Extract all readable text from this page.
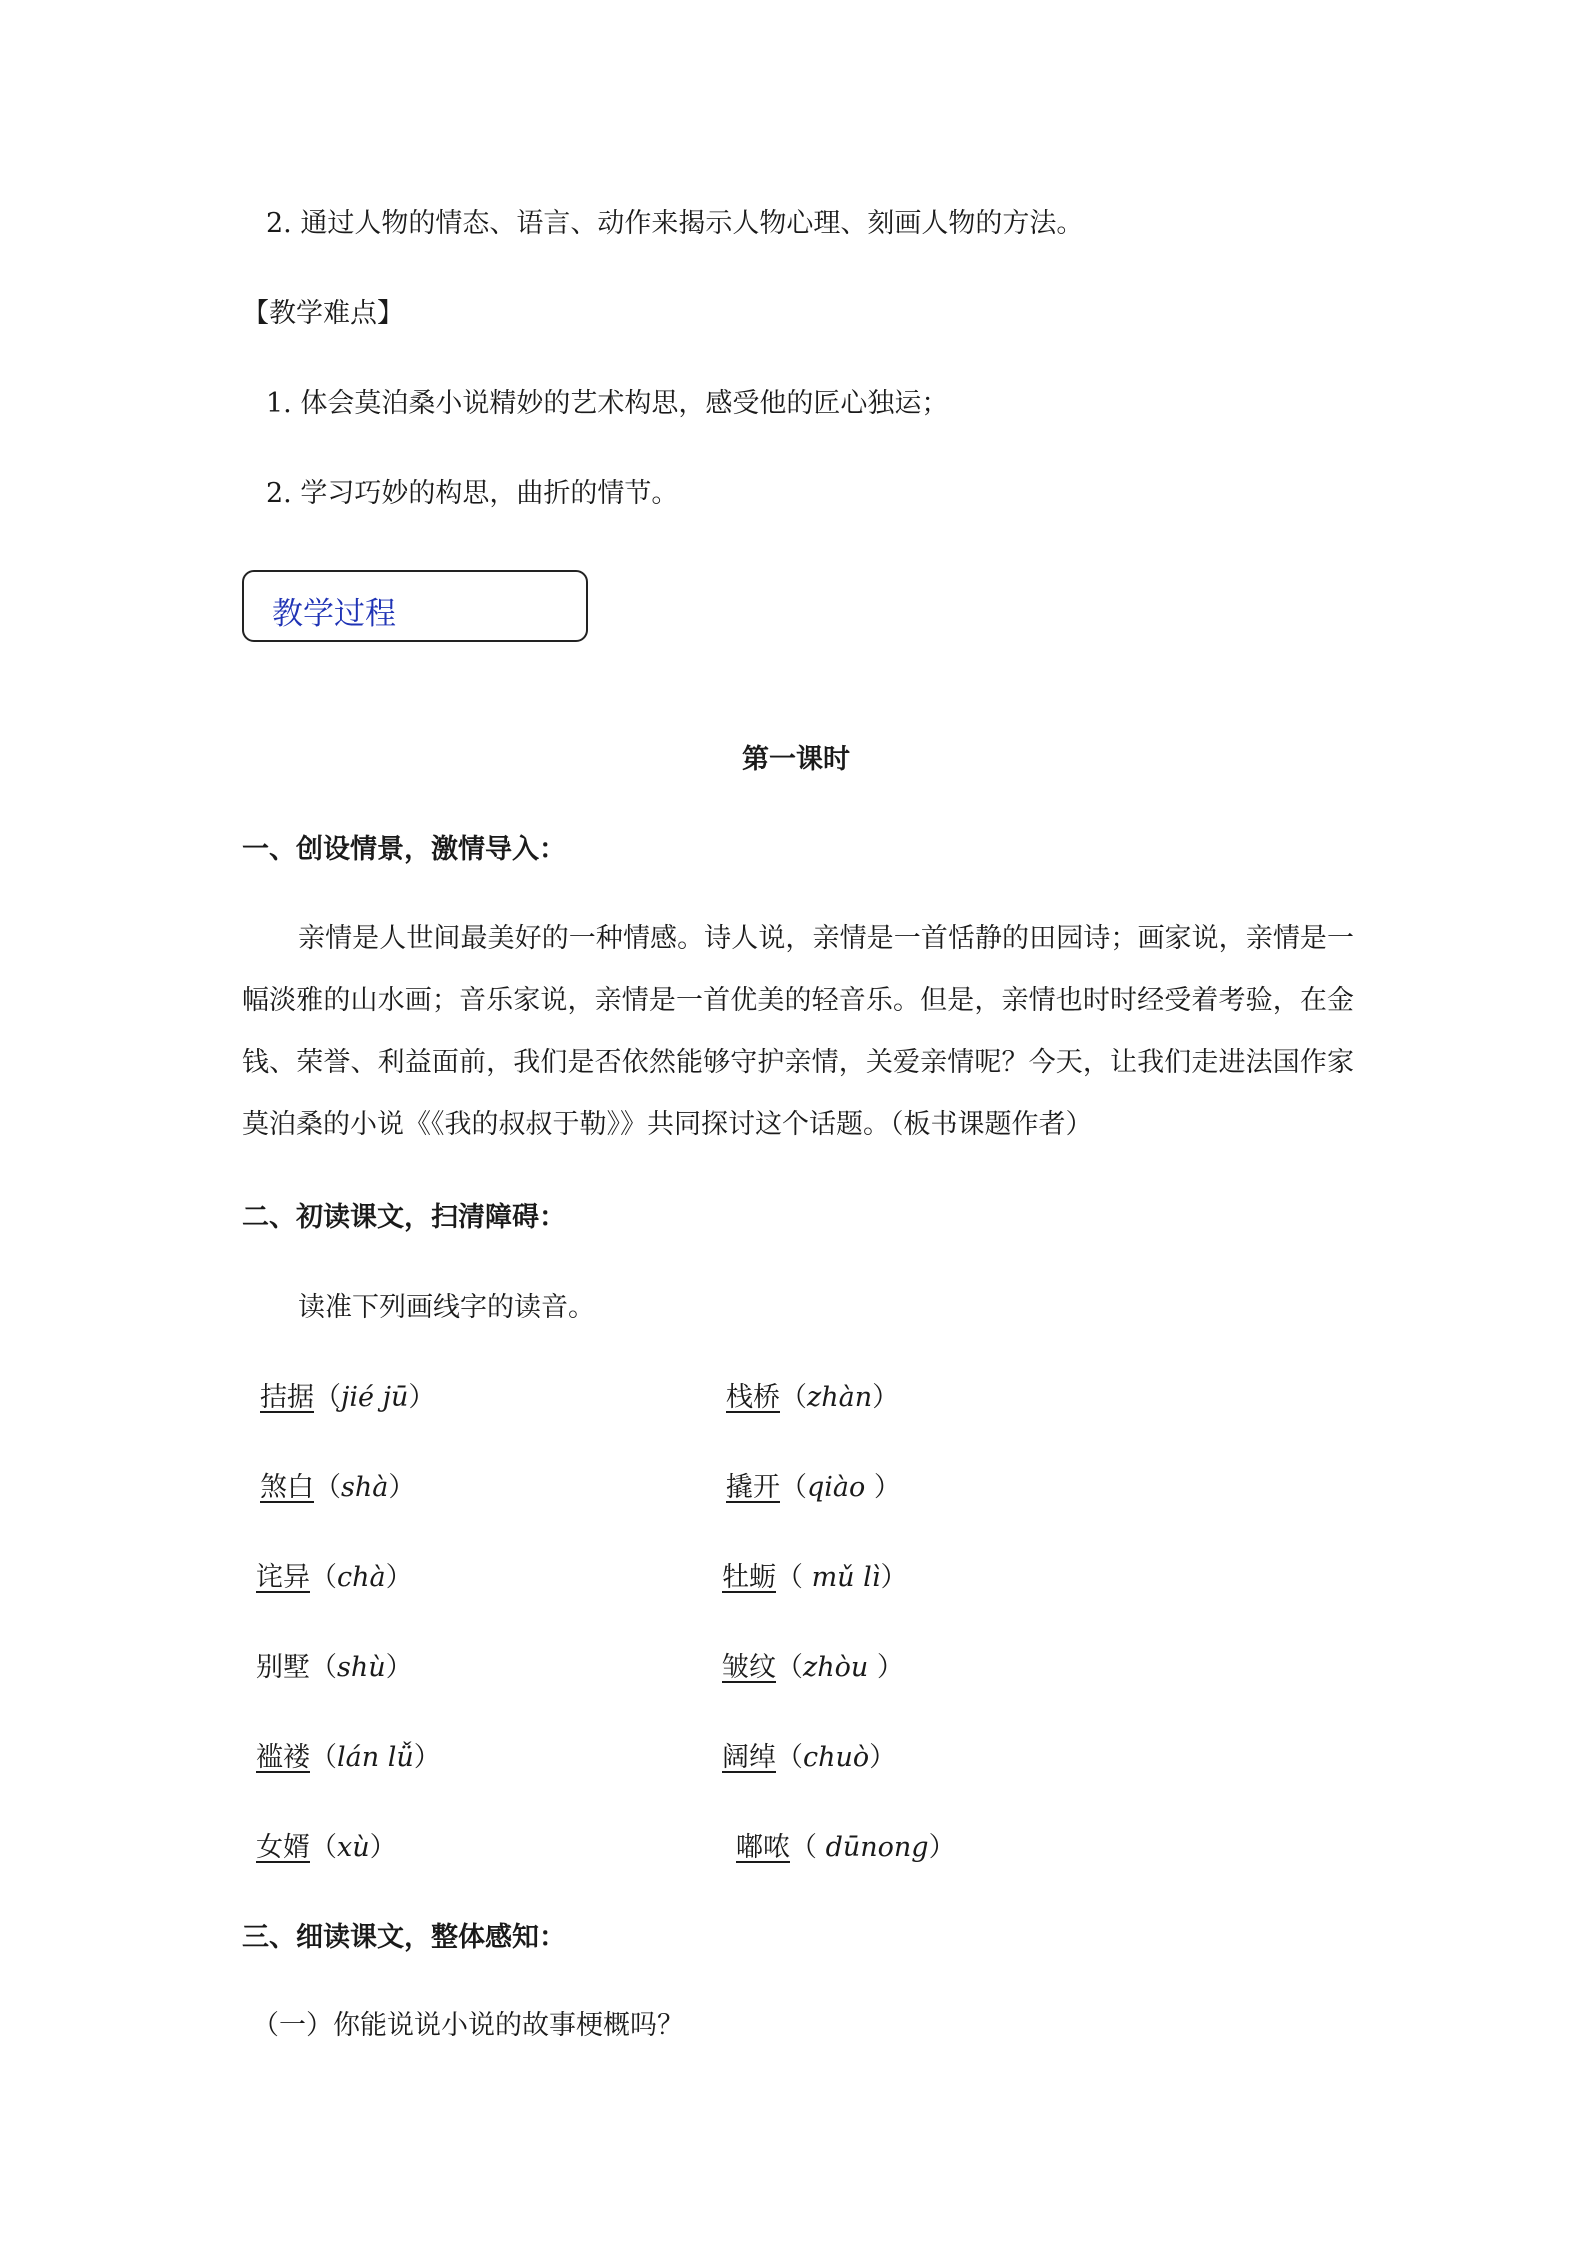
2. 通过人物的情态、语言、动作来揭示人物心理、刻画人物的方法。
【教学难点】
1. 体会莫泊桑小说精妙的艺术构思，感受他的匠心独运；
2. 学习巧妙的构思，曲折的情节。
教学过程
第一课时
一、创设情景，激情导入：

亲情是人世间最美好的一种情感。诗人说，亲情是一首恬静的田园诗；画家说，亲情是一幅淡雅的山水画；音乐家说，亲情是一首优美的轻音乐。但是，亲情也时时经受着考验，在金钱、荣誉、利益面前，我们是否依然能够守护亲情，关爱亲情呢？今天，让我们走进法国作家莫泊桑的小说《《我的叔叔于勒》》共同探讨这个话题。（板书课题作者）

二、初读课文，扫清障碍：
读准下列画线字的读音。
拮据（jié jū）
煞白（shà）
诧异（chà）
别墅（shù）
褴褛（lán lǚ）
女婿（xù）
栈桥（zhàn）
撬开（qiào ）
牡蛎（ mǔ lì）
皱纹（zhòu ）
阔绰（chuò）
嘟哝（ dūnong）
三、细读课文，整体感知：
（一）你能说说小说的故事梗概吗？
